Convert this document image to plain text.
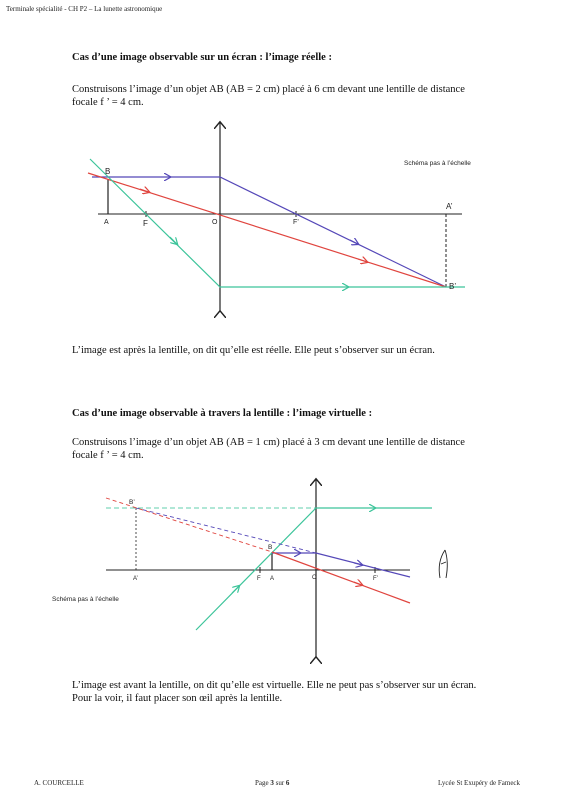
Terminale spécialité - CH P2 – La lunette astronomique
Cas d’une image observable sur un écran : l’image réelle :
Construisons l’image d’un objet AB (AB = 2 cm) placé à 6 cm devant une lentille de distance
focale f ’ = 4 cm.
B
A	F	O	F’
A’
B’
Schéma pas à l’échelle
L’image est après la lentille, on dit qu’elle est réelle. Elle peut s’observer sur un écran.
Cas d’une image observable à travers la lentille : l’image virtuelle :
Construisons l’image d’un objet AB (AB = 1 cm) placé à 3 cm devant une lentille de distance
focale f ’ = 4 cm.
B’
A’	F A
B
O	F’
Schéma pas à l’échelle
L’image est avant la lentille, on dit qu’elle est virtuelle. Elle ne peut pas s’observer sur un écran.
Pour la voir, il faut placer son œil après la lentille.
A. COURCELLE	Page 3 sur 6	Lycée St Exupéry de Fameck
